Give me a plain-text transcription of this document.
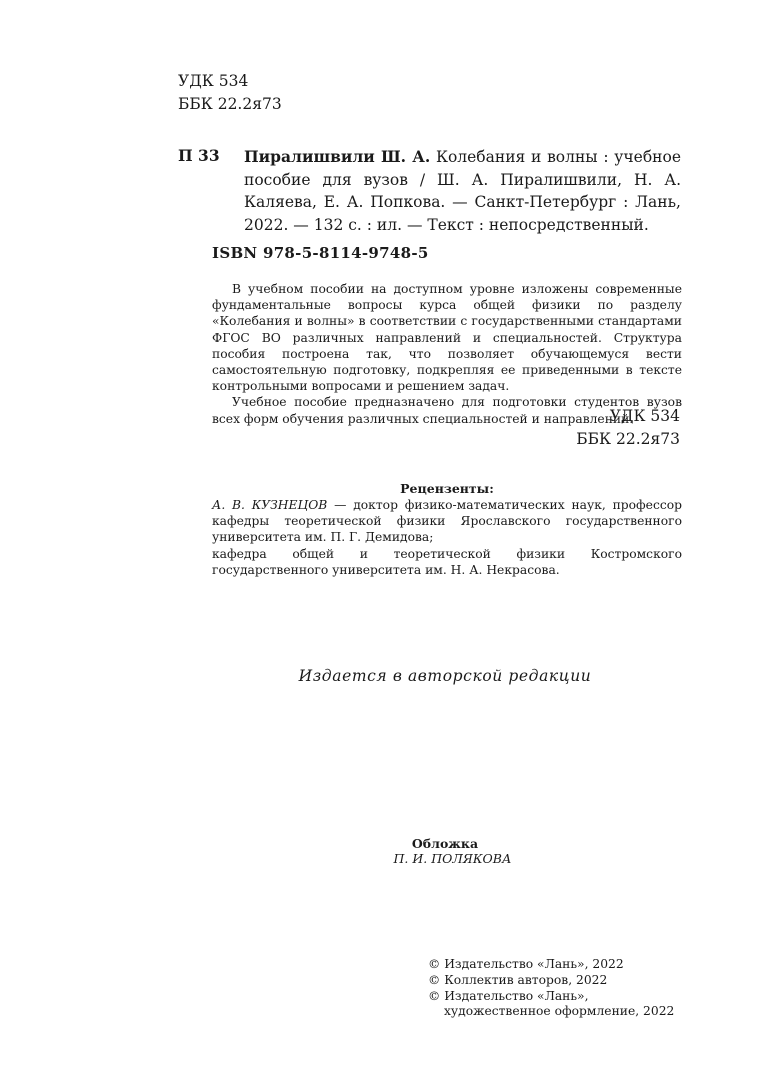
УДК 534
ББК 22.2я73
П 33 Пиралишвили Ш. А. Колебания и волны : учебное пособие для вузов / Ш. А. Пиралишвили, Н. А. Каляева, Е. А. Попкова. — Санкт-Петербург : Лань, 2022. — 132 с. : ил. — Текст : непосредственный.
ISBN 978-5-8114-9748-5

В учебном пособии на доступном уровне изложены современные фундаментальные вопросы курса общей физики по разделу «Колебания и волны» в соответствии с государственными стандартами ФГОС ВО различных направлений и специальностей. Структура пособия построена так, что позволяет обучающемуся вести самостоятельную подготовку, подкрепляя ее приведенными в тексте контрольными вопросами и решением задач.

Учебное пособие предназначено для подготовки студентов вузов всех форм обучения различных специальностей и направлений.

УДК 534
ББК 22.2я73
Рецензенты:

А. В. КУЗНЕЦОВ — доктор физико-математических наук, профессор кафедры теоретической физики Ярославского государственного университета им. П. Г. Демидова;

кафедра общей и теоретической физики Костромского государственного университета им. Н. А. Некрасова.

Издается в авторской редакции
Обложка
П. И. ПОЛЯКОВА
© Издательство «Лань», 2022
© Коллектив авторов, 2022
© Издательство «Лань»,
художественное оформление, 2022
